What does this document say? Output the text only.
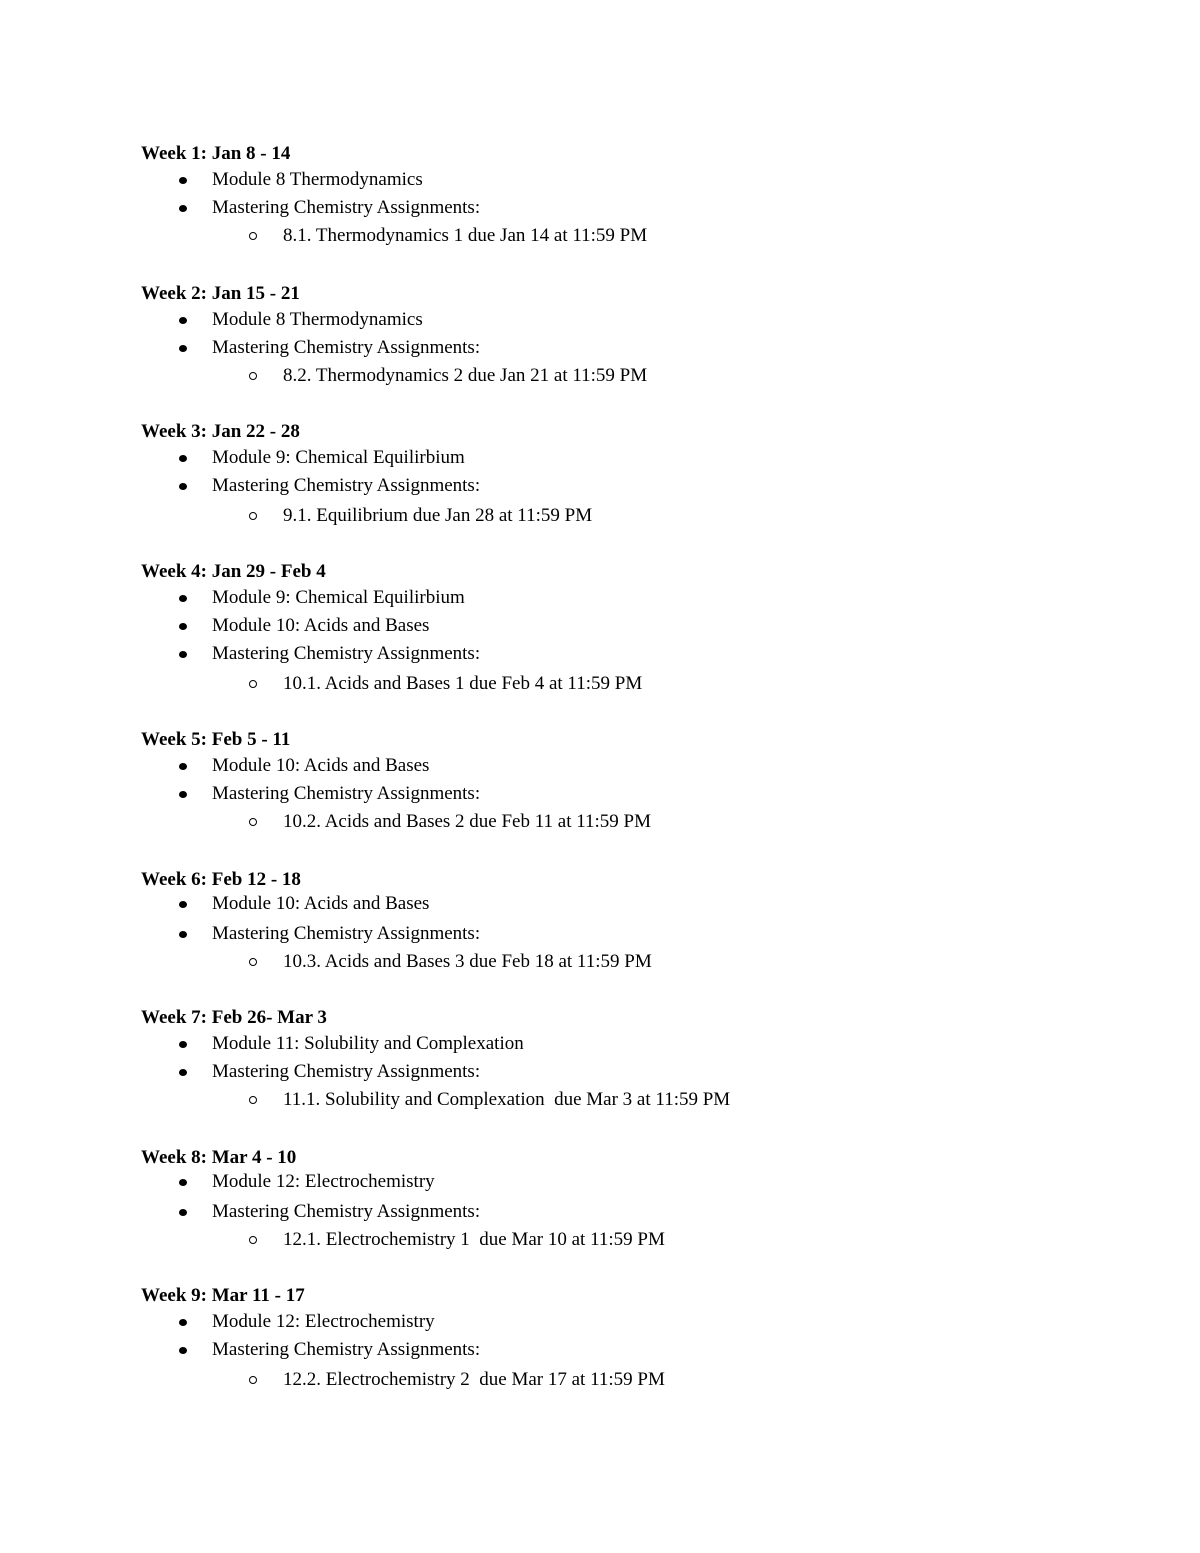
Week 1: Jan 8 - 14
Module 8 Thermodynamics
Mastering Chemistry Assignments:
8.1. Thermodynamics 1 due Jan 14 at 11:59 PM
Week 2: Jan 15 - 21
Module 8 Thermodynamics
Mastering Chemistry Assignments:
8.2. Thermodynamics 2 due Jan 21 at 11:59 PM
Week 3: Jan 22 - 28
Module 9: Chemical Equilirbium
Mastering Chemistry Assignments:
9.1. Equilibrium due Jan 28 at 11:59 PM
Week 4: Jan 29 - Feb 4
Module 9: Chemical Equilirbium
Module 10: Acids and Bases
Mastering Chemistry Assignments:
10.1. Acids and Bases 1 due Feb 4 at 11:59 PM
Week 5: Feb 5 - 11
Module 10: Acids and Bases
Mastering Chemistry Assignments:
10.2. Acids and Bases 2 due Feb 11 at 11:59 PM
Week 6: Feb 12 - 18
Module 10: Acids and Bases
Mastering Chemistry Assignments:
10.3. Acids and Bases 3 due Feb 18 at 11:59 PM
Week 7: Feb 26- Mar 3
Module 11: Solubility and Complexation
Mastering Chemistry Assignments:
11.1. Solubility and Complexation  due Mar 3 at 11:59 PM
Week 8: Mar 4 - 10
Module 12: Electrochemistry
Mastering Chemistry Assignments:
12.1. Electrochemistry 1  due Mar 10 at 11:59 PM
Week 9: Mar 11 - 17
Module 12: Electrochemistry
Mastering Chemistry Assignments:
12.2. Electrochemistry 2  due Mar 17 at 11:59 PM
